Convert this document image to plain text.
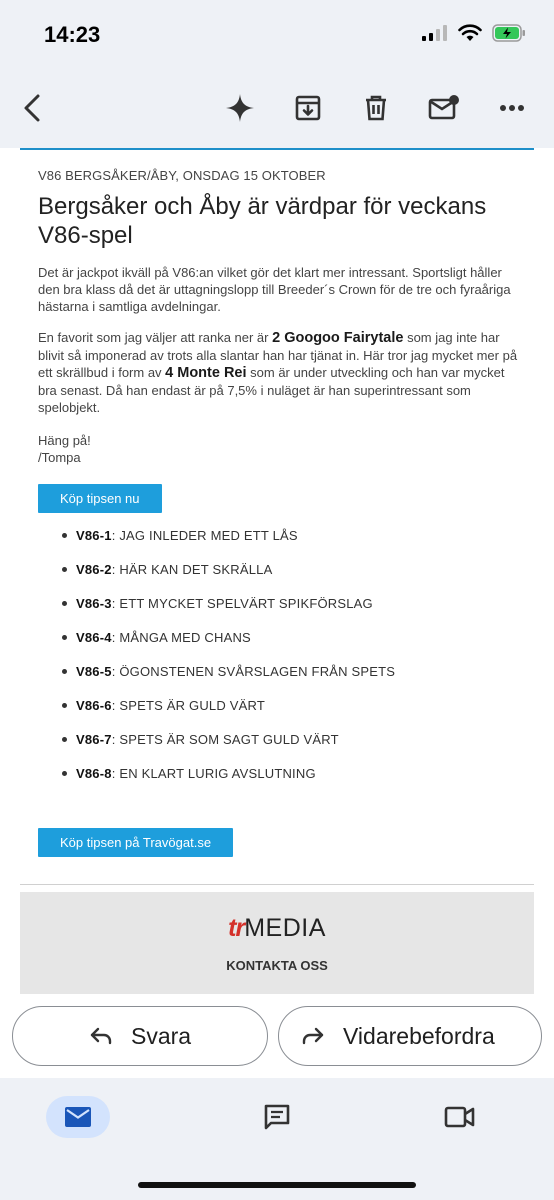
14:23
V86 BERGSÅKER/ÅBY, ONSDAG 15 OKTOBER
Bergsåker och Åby är värdpar för veckans V86-spel

Det är jackpot ikväll på V86:an vilket gör det klart mer intressant. Sportsligt håller den bra klass då det är uttagningslopp till Breeder´s Crown för de tre och fyraåriga hästarna i samtliga avdelningar.

En favorit som jag väljer att ranka ner är 2 Googoo Fairytale som jag inte har blivit så imponerad av trots alla slantar han har tjänat in. Här tror jag mycket mer på ett skrällbud i form av 4 Monte Rei som är under utveckling och han var mycket bra senast. Då han endast är på 7,5% i nuläget är han superintressant som spelobjekt.

Häng på!
/Tompa

Köp tipsen nu
V86-1: JAG INLEDER MED ETT LÅS
V86-2: HÄR KAN DET SKRÄLLA
V86-3: ETT MYCKET SPELVÄRT SPIKFÖRSLAG
V86-4: MÅNGA MED CHANS
V86-5: ÖGONSTENEN SVÅRSLAGEN FRÅN SPETS
V86-6: SPETS ÄR GULD VÄRT
V86-7: SPETS ÄR SOM SAGT GULD VÄRT
V86-8: EN KLART LURIG AVSLUTNING
Köp tipsen på Travögat.se
trMEDIA
KONTAKTA OSS
Svara	Vidarebefordra
